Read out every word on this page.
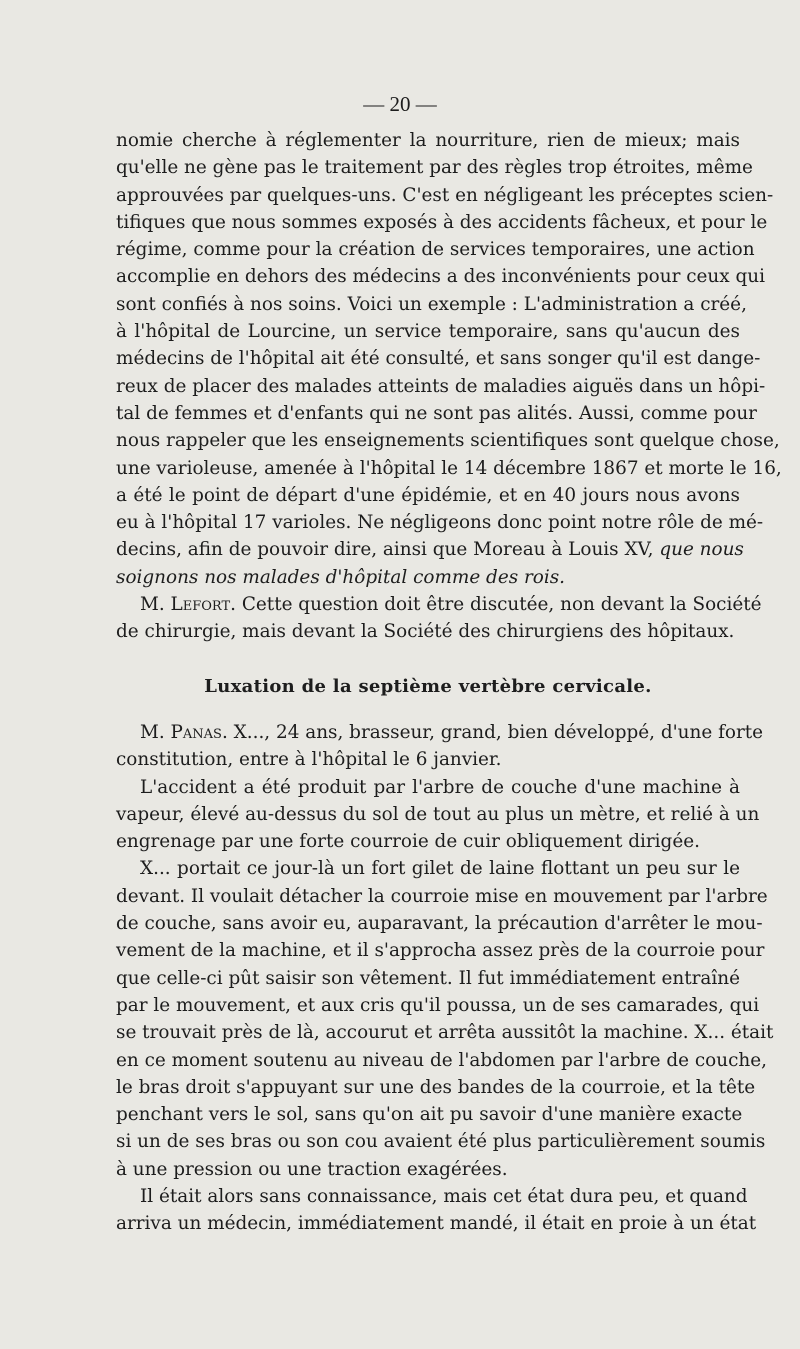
— 20 —
nomie cherche à réglementer la nourriture, rien de mieux; mais
qu'elle ne gène pas le traitement par des règles trop étroites, même
approuvées par quelques-uns. C'est en négligeant les préceptes scien-
tifiques que nous sommes exposés à des accidents fâcheux, et pour le
régime, comme pour la création de services temporaires, une action
accomplie en dehors des médecins a des inconvénients pour ceux qui
sont confiés à nos soins. Voici un exemple : L'administration a créé,
à l'hôpital de Lourcine, un service temporaire, sans qu'aucun des
médecins de l'hôpital ait été consulté, et sans songer qu'il est dange-
reux de placer des malades atteints de maladies aiguës dans un hôpi-
tal de femmes et d'enfants qui ne sont pas alités. Aussi, comme pour
nous rappeler que les enseignements scientifiques sont quelque chose,
une varioleuse, amenée à l'hôpital le 14 décembre 1867 et morte le 16,
a été le point de départ d'une épidémie, et en 40 jours nous avons
eu à l'hôpital 17 varioles. Ne négligeons donc point notre rôle de mé-
decins, afin de pouvoir dire, ainsi que Moreau à Louis XV, que nous
soignons nos malades d'hôpital comme des rois.
M. Lefort. Cette question doit être discutée, non devant la Société
de chirurgie, mais devant la Société des chirurgiens des hôpitaux.
Luxation de la septième vertèbre cervicale.
M. Panas. X..., 24 ans, brasseur, grand, bien développé, d'une forte
constitution, entre à l'hôpital le 6 janvier.
L'accident a été produit par l'arbre de couche d'une machine à
vapeur, élevé au-dessus du sol de tout au plus un mètre, et relié à un
engrenage par une forte courroie de cuir obliquement dirigée.
X... portait ce jour-là un fort gilet de laine flottant un peu sur le
devant. Il voulait détacher la courroie mise en mouvement par l'arbre
de couche, sans avoir eu, auparavant, la précaution d'arrêter le mou-
vement de la machine, et il s'approcha assez près de la courroie pour
que celle-ci pût saisir son vêtement. Il fut immédiatement entraîné
par le mouvement, et aux cris qu'il poussa, un de ses camarades, qui
se trouvait près de là, accourut et arrêta aussitôt la machine. X... était
en ce moment soutenu au niveau de l'abdomen par l'arbre de couche,
le bras droit s'appuyant sur une des bandes de la courroie, et la tête
penchant vers le sol, sans qu'on ait pu savoir d'une manière exacte
si un de ses bras ou son cou avaient été plus particulièrement soumis
à une pression ou une traction exagérées.
Il était alors sans connaissance, mais cet état dura peu, et quand
arriva un médecin, immédiatement mandé, il était en proie à un état
